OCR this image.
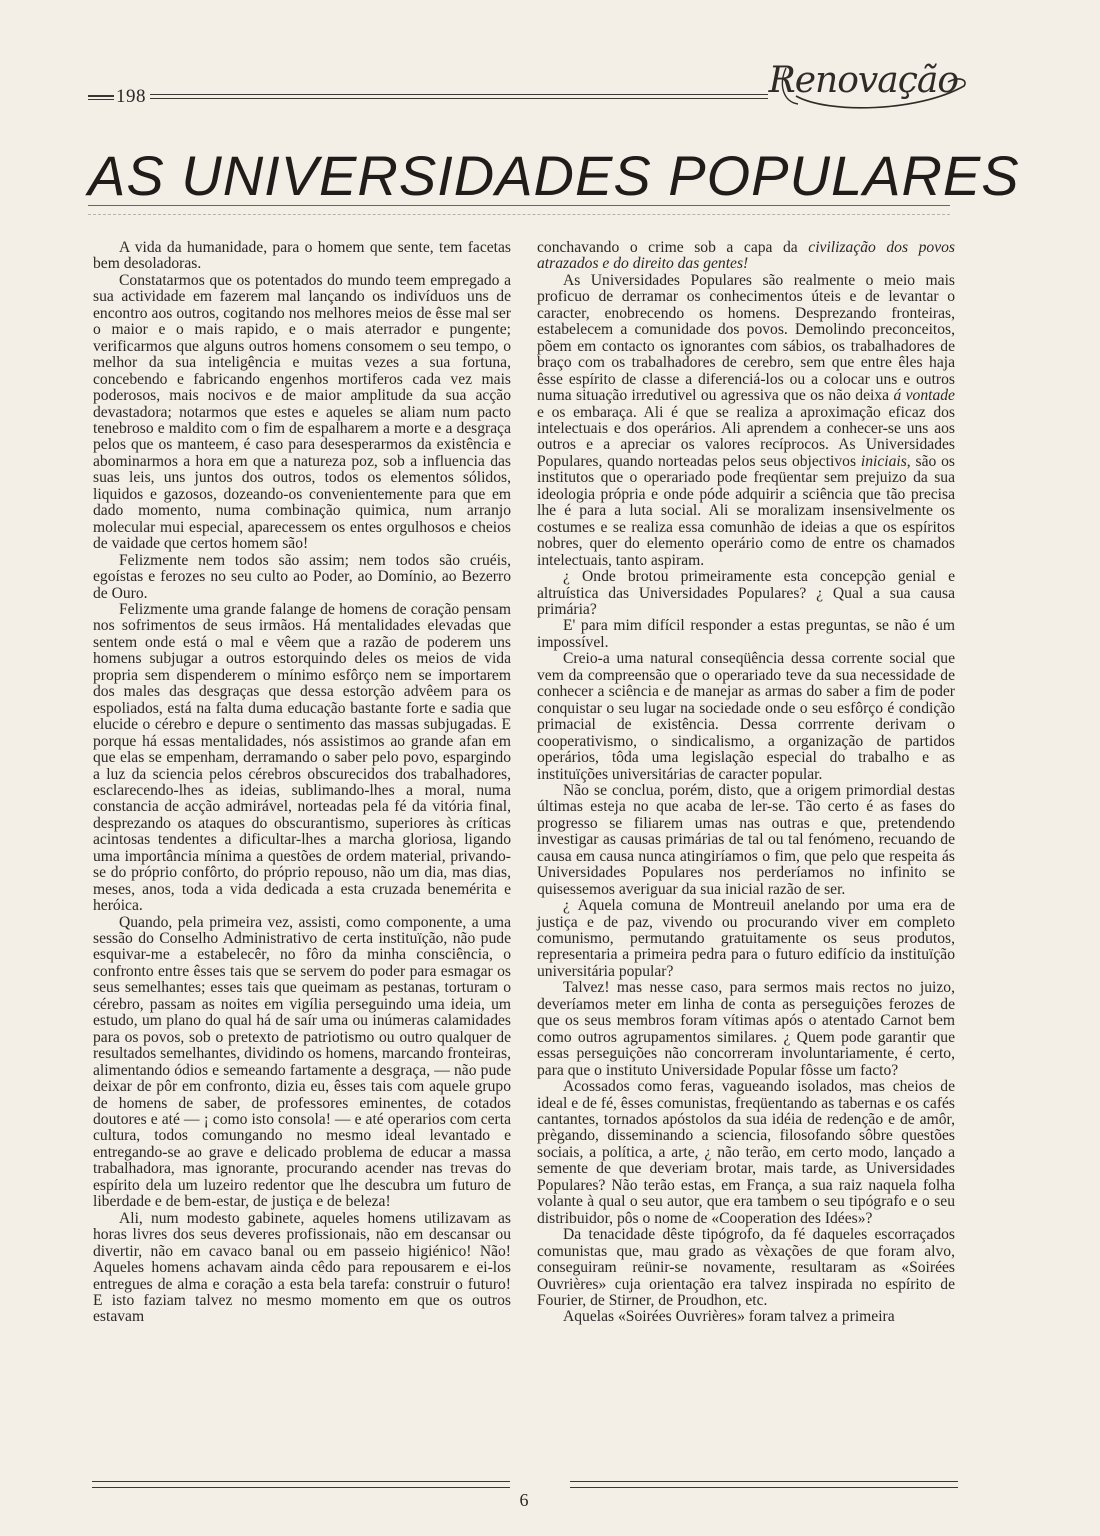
198	Renovação
AS UNIVERSIDADES POPULARES

A vida da humanidade, para o homem que sente, tem facetas bem desoladoras.

Constatarmos que os potentados do mundo teem empregado a sua actividade em fazerem mal lançando os indivíduos uns de encontro aos outros, cogitando nos melhores meios de êsse mal ser o maior e o mais rapido, e o mais aterrador e pungente; verificarmos que alguns outros homens consomem o seu tempo, o melhor da sua inteligência e muitas vezes a sua fortuna, concebendo e fabricando engenhos mortiferos cada vez mais poderosos, mais nocivos e de maior amplitude da sua acção devastadora; notarmos que estes e aqueles se aliam num pacto tenebroso e maldito com o fim de espalharem a morte e a desgraça pelos que os manteem, é caso para desesperarmos da existência e abominarmos a hora em que a natureza poz, sob a influencia das suas leis, uns juntos dos outros, todos os elementos sólidos, liquidos e gazosos, dozeando-os convenientemente para que em dado momento, numa combinação quimica, num arranjo molecular mui especial, aparecessem os entes orgulhosos e cheios de vaidade que certos homem são!

Felizmente nem todos são assim; nem todos são cruéis, egoístas e ferozes no seu culto ao Poder, ao Domínio, ao Bezerro de Ouro.

Felizmente uma grande falange de homens de coração pensam nos sofrimentos de seus irmãos. Há mentalidades elevadas que sentem onde está o mal e vêem que a razão de poderem uns homens subjugar a outros estorquindo deles os meios de vida propria sem dispenderem o mínimo esfôrço nem se importarem dos males das desgraças que dessa estorção advêem para os espoliados, está na falta duma educação bastante forte e sadia que elucide o cérebro e depure o sentimento das massas subjugadas. E porque há essas mentalidades, nós assistimos ao grande afan em que elas se empenham, derramando o saber pelo povo, espargindo a luz da sciencia pelos cérebros obscurecidos dos trabalhadores, esclarecendo-lhes as ideias, sublimando-lhes a moral, numa constancia de acção admirável, norteadas pela fé da vitória final, desprezando os ataques do obscurantismo, superiores às críticas acintosas tendentes a dificultar-lhes a marcha gloriosa, ligando uma importância mínima a questões de ordem material, privando-se do próprio confôrto, do próprio repouso, não um dia, mas dias, meses, anos, toda a vida dedicada a esta cruzada benemérita e heróica.

Quando, pela primeira vez, assisti, como componente, a uma sessão do Conselho Administrativo de certa instituïção, não pude esquivar-me a estabelecêr, no fôro da minha consciência, o confronto entre êsses tais que se servem do poder para esmagar os seus semelhantes; esses tais que queimam as pestanas, torturam o cérebro, passam as noites em vigília perseguindo uma ideia, um estudo, um plano do qual há de saír uma ou inúmeras calamidades para os povos, sob o pretexto de patriotismo ou outro qualquer de resultados semelhantes, dividindo os homens, marcando fronteiras, alimentando ódios e semeando fartamente a desgraça, — não pude deixar de pôr em confronto, dizia eu, êsses tais com aquele grupo de homens de saber, de professores eminentes, de cotados doutores e até — ¡ como isto consola! — e até operarios com certa cultura, todos comungando no mesmo ideal levantado e entregando-se ao grave e delicado problema de educar a massa trabalhadora, mas ignorante, procurando acender nas trevas do espírito dela um luzeiro redentor que lhe descubra um futuro de liberdade e de bem-estar, de justiça e de beleza!

Ali, num modesto gabinete, aqueles homens utilizavam as horas livres dos seus deveres profissionais, não em descansar ou divertir, não em cavaco banal ou em passeio higiénico! Não! Aqueles homens achavam ainda cêdo para repousarem e ei-los entregues de alma e coração a esta bela tarefa: construir o futuro! E isto faziam talvez no mesmo momento em que os outros estavam

conchavando o crime sob a capa da civilização dos povos atrazados e do direito das gentes!

As Universidades Populares são realmente o meio mais proficuo de derramar os conhecimentos úteis e de levantar o caracter, enobrecendo os homens. Desprezando fronteiras, estabelecem a comunidade dos povos. Demolindo preconceitos, põem em contacto os ignorantes com sábios, os trabalhadores de braço com os trabalhadores de cerebro, sem que entre êles haja êsse espírito de classe a diferenciá-los ou a colocar uns e outros numa situação irredutivel ou agressiva que os não deixa á vontade e os embaraça. Ali é que se realiza a aproximação eficaz dos intelectuais e dos operários. Ali aprendem a conhecer-se uns aos outros e a apreciar os valores recíprocos. As Universidades Populares, quando norteadas pelos seus objectivos iniciais, são os institutos que o operariado pode freqüentar sem prejuizo da sua ideologia própria e onde póde adquirir a sciência que tão precisa lhe é para a luta social. Ali se moralizam insensivelmente os costumes e se realiza essa comunhão de ideias a que os espíritos nobres, quer do elemento operário como de entre os chamados intelectuais, tanto aspiram.

¿ Onde brotou primeiramente esta concepção genial e altruística das Universidades Populares? ¿ Qual a sua causa primária?

E' para mim difícil responder a estas preguntas, se não é um impossível.

Creio-a uma natural conseqüência dessa corrente social que vem da compreensão que o operariado teve da sua necessidade de conhecer a sciência e de manejar as armas do saber a fim de poder conquistar o seu lugar na sociedade onde o seu esfôrço é condição primacial de existência. Dessa corrrente derivam o cooperativismo, o sindicalismo, a organização de partidos operários, tôda uma legislação especial do trabalho e as instituïções universitárias de caracter popular.

Não se conclua, porém, disto, que a origem primordial destas últimas esteja no que acaba de ler-se. Tão certo é as fases do progresso se filiarem umas nas outras e que, pretendendo investigar as causas primárias de tal ou tal fenómeno, recuando de causa em causa nunca atingiríamos o fim, que pelo que respeita ás Universidades Populares nos perderíamos no infinito se quisessemos averiguar da sua inicial razão de ser.

¿ Aquela comuna de Montreuil anelando por uma era de justiça e de paz, vivendo ou procurando viver em completo comunismo, permutando gratuitamente os seus produtos, representaria a primeira pedra para o futuro edifício da instituïção universitária popular?

Talvez! mas nesse caso, para sermos mais rectos no juizo, deveríamos meter em linha de conta as perseguições ferozes de que os seus membros foram vítimas após o atentado Carnot bem como outros agrupamentos similares. ¿ Quem pode garantir que essas perseguições não concorreram involuntariamente, é certo, para que o instituto Universidade Popular fôsse um facto?

Acossados como feras, vagueando isolados, mas cheios de ideal e de fé, êsses comunistas, freqüentando as tabernas e os cafés cantantes, tornados apóstolos da sua idéia de redenção e de amôr, prègando, disseminando a sciencia, filosofando sôbre questões sociais, a política, a arte, ¿ não terão, em certo modo, lançado a semente de que deveriam brotar, mais tarde, as Universidades Populares? Não terão estas, em França, a sua raiz naquela folha volante à qual o seu autor, que era tambem o seu tipógrafo e o seu distribuidor, pôs o nome de «Cooperation des Idées»?

Da tenacidade dêste tipógrofo, da fé daqueles escorraçados comunistas que, mau grado as vèxações de que foram alvo, conseguiram reünir-se novamente, resultaram as «Soirées Ouvrières» cuja orientação era talvez inspirada no espírito de Fourier, de Stirner, de Proudhon, etc.

Aquelas «Soirées Ouvrières» foram talvez a primeira

6
